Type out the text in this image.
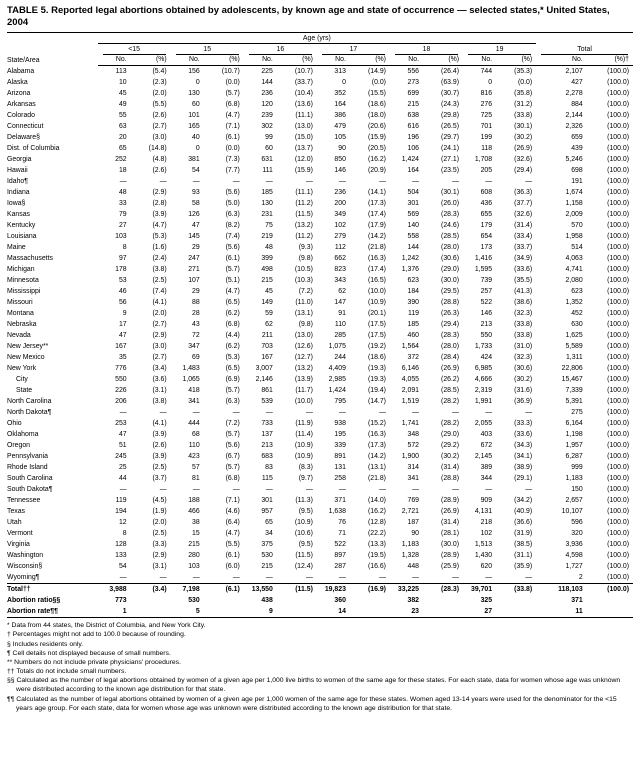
TABLE 5. Reported legal abortions obtained by adolescents, by known age and state of occurrence — selected states,* United States, 2004
State/Area	Age (yrs)													
	<15		15		16		17		18		19		Total	
	No.	(%)	No.	(%)	No.	(%)	No.	(%)	No.	(%)	No.	(%)	No.	(%)†
Alabama	113	(5.4)	156	(10.7)	225	(10.7)	313	(14.9)	556	(26.4)	744	(35.3)	2,107	(100.0)
Alaska	10	(2.3)	0	(0.0)	144	(33.7)	0	(0.0)	273	(63.9)	0	(0.0)	427	(100.0)
Arizona	45	(2.0)	130	(5.7)	236	(10.4)	352	(15.5)	699	(30.7)	816	(35.8)	2,278	(100.0)
Arkansas	49	(5.5)	60	(6.8)	120	(13.6)	164	(18.6)	215	(24.3)	276	(31.2)	884	(100.0)
Colorado	55	(2.6)	101	(4.7)	239	(11.1)	386	(18.0)	638	(29.8)	725	(33.8)	2,144	(100.0)
Connecticut	63	(2.7)	165	(7.1)	302	(13.0)	479	(20.6)	616	(26.5)	701	(30.1)	2,326	(100.0)
Delaware§	20	(3.0)	40	(6.1)	99	(15.0)	105	(15.9)	196	(29.7)	199	(30.2)	659	(100.0)
Dist. of Columbia	65	(14.8)	0	(0.0)	60	(13.7)	90	(20.5)	106	(24.1)	118	(26.9)	439	(100.0)
Georgia	252	(4.8)	381	(7.3)	631	(12.0)	850	(16.2)	1,424	(27.1)	1,708	(32.6)	5,246	(100.0)
Hawaii	18	(2.6)	54	(7.7)	111	(15.9)	146	(20.9)	164	(23.5)	205	(29.4)	698	(100.0)
Idaho¶	—	—	—	—	—	—	—	—	—	—	—	—	191	(100.0)
Indiana	48	(2.9)	93	(5.6)	185	(11.1)	236	(14.1)	504	(30.1)	608	(36.3)	1,674	(100.0)
Iowa§	33	(2.8)	58	(5.0)	130	(11.2)	200	(17.3)	301	(26.0)	436	(37.7)	1,158	(100.0)
Kansas	79	(3.9)	126	(6.3)	231	(11.5)	349	(17.4)	569	(28.3)	655	(32.6)	2,009	(100.0)
Kentucky	27	(4.7)	47	(8.2)	75	(13.2)	102	(17.9)	140	(24.6)	179	(31.4)	570	(100.0)
Louisiana	103	(5.3)	145	(7.4)	219	(11.2)	279	(14.2)	558	(28.5)	654	(33.4)	1,958	(100.0)
Maine	8	(1.6)	29	(5.6)	48	(9.3)	112	(21.8)	144	(28.0)	173	(33.7)	514	(100.0)
Massachusetts	97	(2.4)	247	(6.1)	399	(9.8)	662	(16.3)	1,242	(30.6)	1,416	(34.9)	4,063	(100.0)
Michigan	178	(3.8)	271	(5.7)	498	(10.5)	823	(17.4)	1,376	(29.0)	1,595	(33.6)	4,741	(100.0)
Minnesota	53	(2.5)	107	(5.1)	215	(10.3)	343	(16.5)	623	(30.0)	739	(35.5)	2,080	(100.0)
Mississippi	46	(7.4)	29	(4.7)	45	(7.2)	62	(10.0)	184	(29.5)	257	(41.3)	623	(100.0)
Missouri	56	(4.1)	88	(6.5)	149	(11.0)	147	(10.9)	390	(28.8)	522	(38.6)	1,352	(100.0)
Montana	9	(2.0)	28	(6.2)	59	(13.1)	91	(20.1)	119	(26.3)	146	(32.3)	452	(100.0)
Nebraska	17	(2.7)	43	(6.8)	62	(9.8)	110	(17.5)	185	(29.4)	213	(33.8)	630	(100.0)
Nevada	47	(2.9)	72	(4.4)	211	(13.0)	285	(17.5)	460	(28.3)	550	(33.8)	1,625	(100.0)
New Jersey**	167	(3.0)	347	(6.2)	703	(12.6)	1,075	(19.2)	1,564	(28.0)	1,733	(31.0)	5,589	(100.0)
New Mexico	35	(2.7)	69	(5.3)	167	(12.7)	244	(18.6)	372	(28.4)	424	(32.3)	1,311	(100.0)
New York	776	(3.4)	1,483	(6.5)	3,007	(13.2)	4,409	(19.3)	6,146	(26.9)	6,985	(30.6)	22,806	(100.0)
City	550	(3.6)	1,065	(6.9)	2,146	(13.9)	2,985	(19.3)	4,055	(26.2)	4,666	(30.2)	15,467	(100.0)
State	226	(3.1)	418	(5.7)	861	(11.7)	1,424	(19.4)	2,091	(28.5)	2,319	(31.6)	7,339	(100.0)
North Carolina	206	(3.8)	341	(6.3)	539	(10.0)	795	(14.7)	1,519	(28.2)	1,991	(36.9)	5,391	(100.0)
North Dakota¶	—	—	—	—	—	—	—	—	—	—	—	—	275	(100.0)
Ohio	253	(4.1)	444	(7.2)	733	(11.9)	938	(15.2)	1,741	(28.2)	2,055	(33.3)	6,164	(100.0)
Oklahoma	47	(3.9)	68	(5.7)	137	(11.4)	195	(16.3)	348	(29.0)	403	(33.6)	1,198	(100.0)
Oregon	51	(2.6)	110	(5.6)	213	(10.9)	339	(17.3)	572	(29.2)	672	(34.3)	1,957	(100.0)
Pennsylvania	245	(3.9)	423	(6.7)	683	(10.9)	891	(14.2)	1,900	(30.2)	2,145	(34.1)	6,287	(100.0)
Rhode Island	25	(2.5)	57	(5.7)	83	(8.3)	131	(13.1)	314	(31.4)	389	(38.9)	999	(100.0)
South Carolina	44	(3.7)	81	(6.8)	115	(9.7)	258	(21.8)	341	(28.8)	344	(29.1)	1,183	(100.0)
South Dakota¶	—	—	—	—	—	—	—	—	—	—	—	—	150	(100.0)
Tennessee	119	(4.5)	188	(7.1)	301	(11.3)	371	(14.0)	769	(28.9)	909	(34.2)	2,657	(100.0)
Texas	194	(1.9)	466	(4.6)	957	(9.5)	1,638	(16.2)	2,721	(26.9)	4,131	(40.9)	10,107	(100.0)
Utah	12	(2.0)	38	(6.4)	65	(10.9)	76	(12.8)	187	(31.4)	218	(36.6)	596	(100.0)
Vermont	8	(2.5)	15	(4.7)	34	(10.6)	71	(22.2)	90	(28.1)	102	(31.9)	320	(100.0)
Virginia	128	(3.3)	215	(5.5)	375	(9.5)	522	(13.3)	1,183	(30.0)	1,513	(38.5)	3,936	(100.0)
Washington	133	(2.9)	280	(6.1)	530	(11.5)	897	(19.5)	1,328	(28.9)	1,430	(31.1)	4,598	(100.0)
Wisconsin§	54	(3.1)	103	(6.0)	215	(12.4)	287	(16.6)	448	(25.9)	620	(35.9)	1,727	(100.0)
Wyoming¶	—	—	—	—	—	—	—	—	—	—	—	—	2	(100.0)
Total††	3,988	(3.4)	7,198	(6.1)	13,550	(11.5)	19,823	(16.9)	33,225	(28.3)	39,701	(33.8)	118,103	(100.0)
Abortion ratio§§	773		530		438		360		382		325		371	
Abortion rate¶¶	1		5		9		14		23		27		11	
* Data from 44 states, the District of Columbia, and New York City.
† Percentages might not add to 100.0 because of rounding.
§ Includes residents only.
¶ Cell details not displayed because of small numbers.
** Numbers do not include private physicians' procedures.
†† Totals do not include small numbers.
§§ Calculated as the number of legal abortions obtained by women of a given age per 1,000 live births to women of the same age for these states. For each state, data for women whose age was unknown were distributed according to the known age distribution for that state.
¶¶ Calculated as the number of legal abortions obtained by women of a given age per 1,000 women of the same age for these states. Women aged 13-14 years were used for the denominator for the <15 years age group. For each state, data for women whose age was unknown were distributed according to the known age distribution for that state.
